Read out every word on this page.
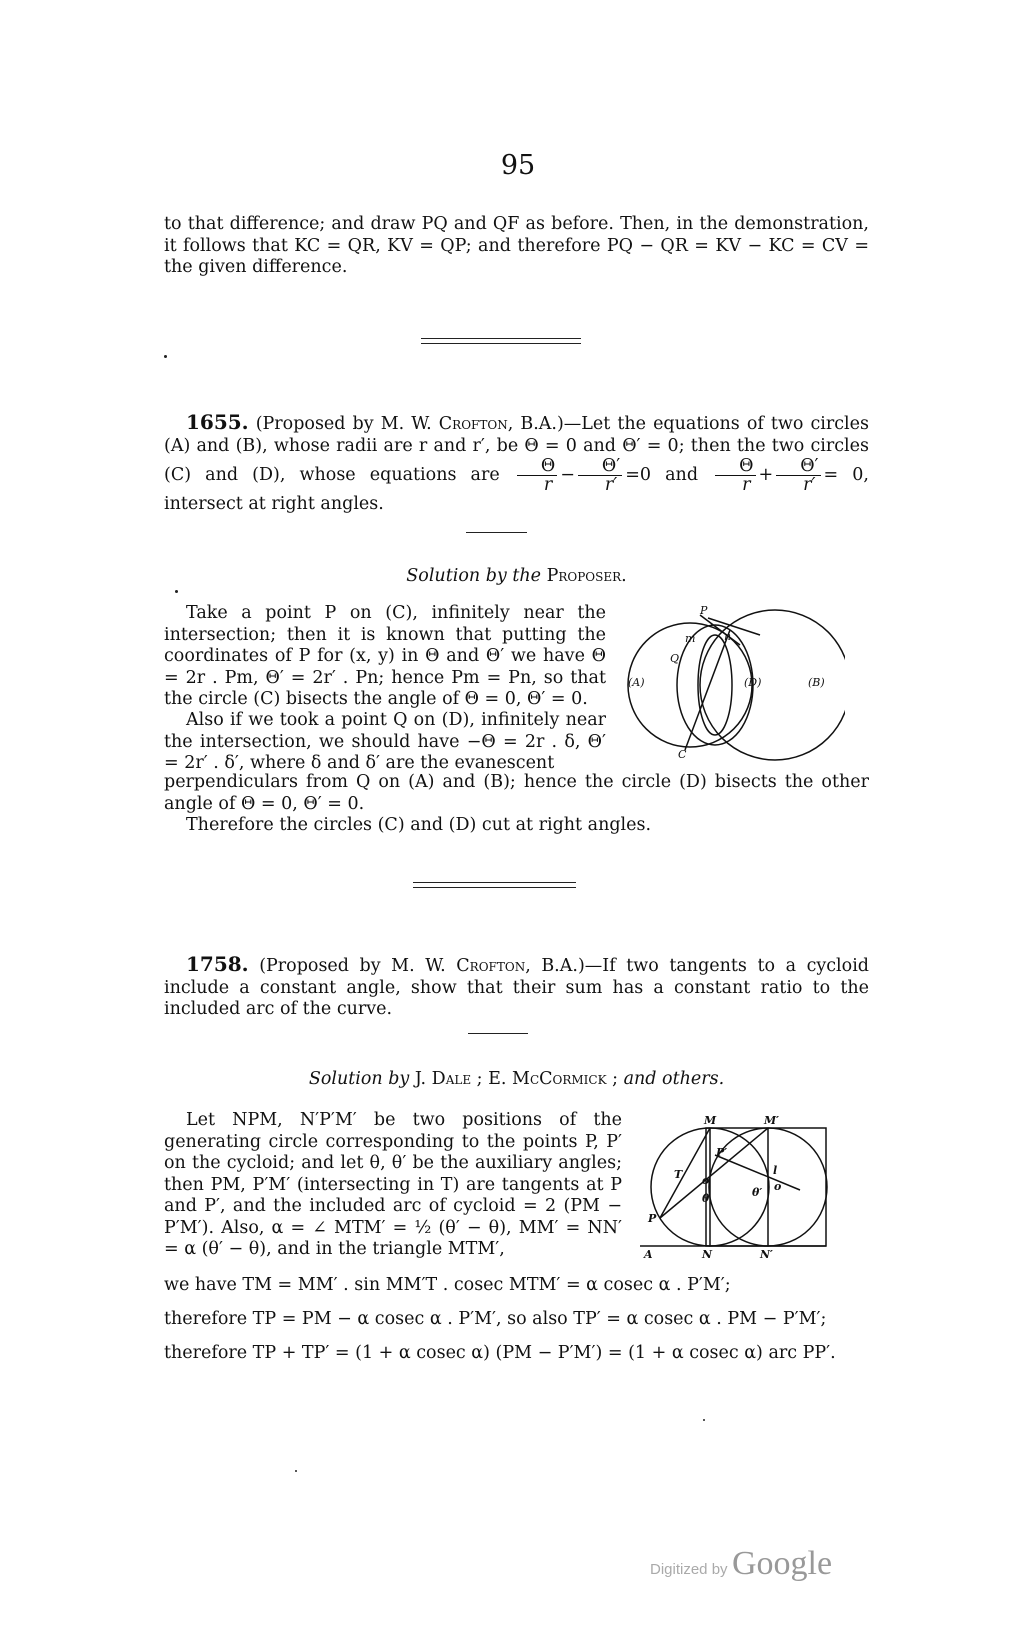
95

to that difference; and draw PQ and QF as before. Then, in the demonstration, it follows that KC = QR, KV = QP; and therefore PQ − QR = KV − KC = CV = the given difference.

1655. (Proposed by M. W. Crofton, B.A.)—Let the equations of two circles (A) and (B), whose radii are r and r′, be Θ = 0 and Θ′ = 0; then the two circles (C) and (D), whose equations are $\frac{\Theta}{r} - \frac{\Theta'}{r'} =0$ and $\frac{\Theta}{r} + \frac{\Theta'}{r'} = 0$, intersect at right angles.

Solution by the Proposer.

Take a point P on (C), infinitely near the intersection; then it is known that putting the coordinates of P for (x, y) in Θ and Θ′ we have Θ = 2r . Pm, Θ′ = 2r′ . Pn; hence Pm = Pn, so that the circle (C) bisects the angle of Θ = 0, Θ′ = 0.

Also if we took a point Q on (D), infinitely near the intersection, we should have −Θ = 2r . δ, Θ′ = 2r′ . δ′, where δ and δ′ are the evanescent

perpendiculars from Q on (A) and (B); hence the circle (D) bisects the other angle of Θ = 0, Θ′ = 0.

Therefore the circles (C) and (D) cut at right angles.

P
m	n
Q
(A)	(D)	(B)
C

1758. (Proposed by M. W. Crofton, B.A.)—If two tangents to a cycloid include a constant angle, show that their sum has a constant ratio to the included arc of the curve.

Solution by J. Dale ; E. McCormick ; and others.

Let NPM, N′P′M′ be two positions of the generating circle corresponding to the points P, P′ on the cycloid; and let θ, θ′ be the auxiliary angles; then PM, P′M′ (intersecting in T) are tangents at P and P′, and the included arc of cycloid = 2 (PM − P′M′). Also, α = ∠ MTM′ = ½ (θ′ − θ), MM′ = NN′ = α (θ′ − θ), and in the triangle MTM′,

we have TM = MM′ . sin MM′T . cosec MTM′ = α cosec α . P′M′;

therefore TP = PM − α cosec α . P′M′, so also TP′ = α cosec α . PM − P′M′;

therefore TP + TP′ = (1 + α cosec α) (PM − P′M′) = (1 + α cosec α) arc PP′.

M	M′
P′
T o	o
θ	θ′
l
P
A	N	N′
Digitized by Google
